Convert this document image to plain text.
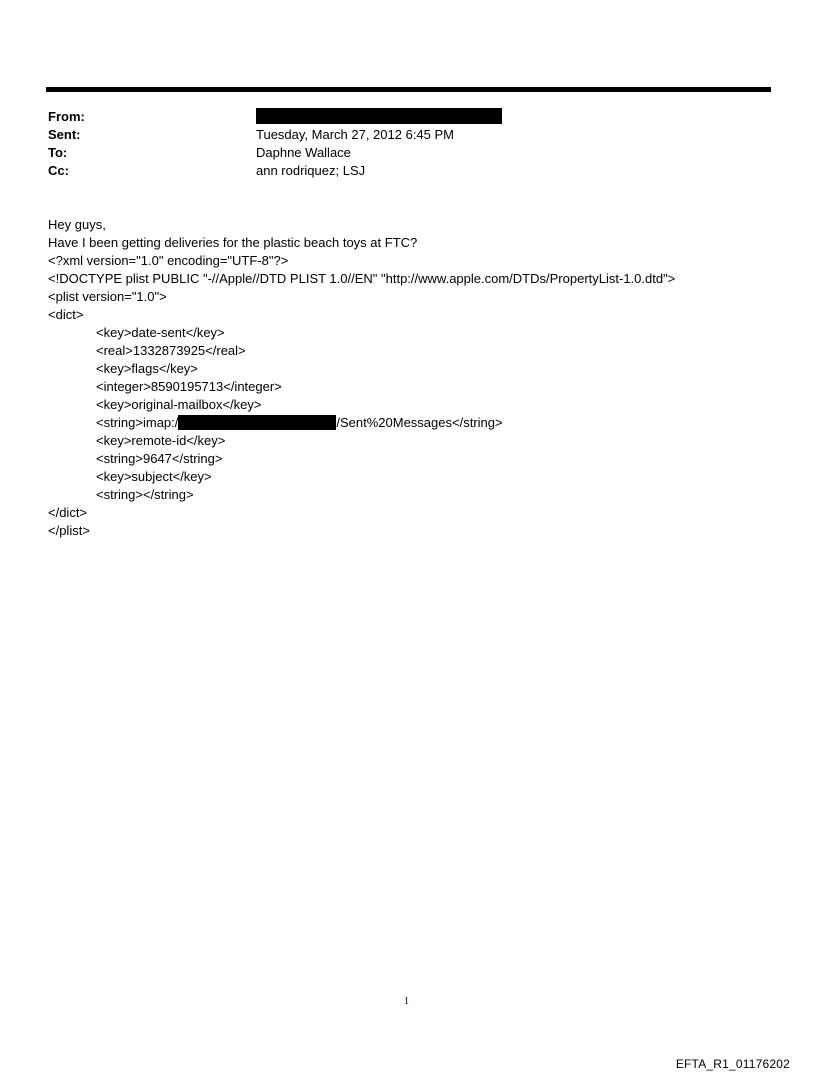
From:
Sent:	Tuesday, March 27, 2012 6:45 PM
To:	Daphne Wallace
Cc:	ann rodriquez; LSJ
Hey guys,
Have I been getting deliveries for the plastic beach toys at FTC?
<?xml version="1.0" encoding="UTF-8"?>
<!DOCTYPE plist PUBLIC "-//Apple//DTD PLIST 1.0//EN" "http://www.apple.com/DTDs/PropertyList-1.0.dtd">
<plist version="1.0">
<dict>
<key>date-sent</key>
<real>1332873925</real>
<key>flags</key>
<integer>8590195713</integer>
<key>original-mailbox</key>
<string>imap:/	/Sent%20Messages</string>
<key>remote-id</key>
<string>9647</string>
<key>subject</key>
<string></string>
</dict>
</plist>
1
EFTA_R1_01176202
